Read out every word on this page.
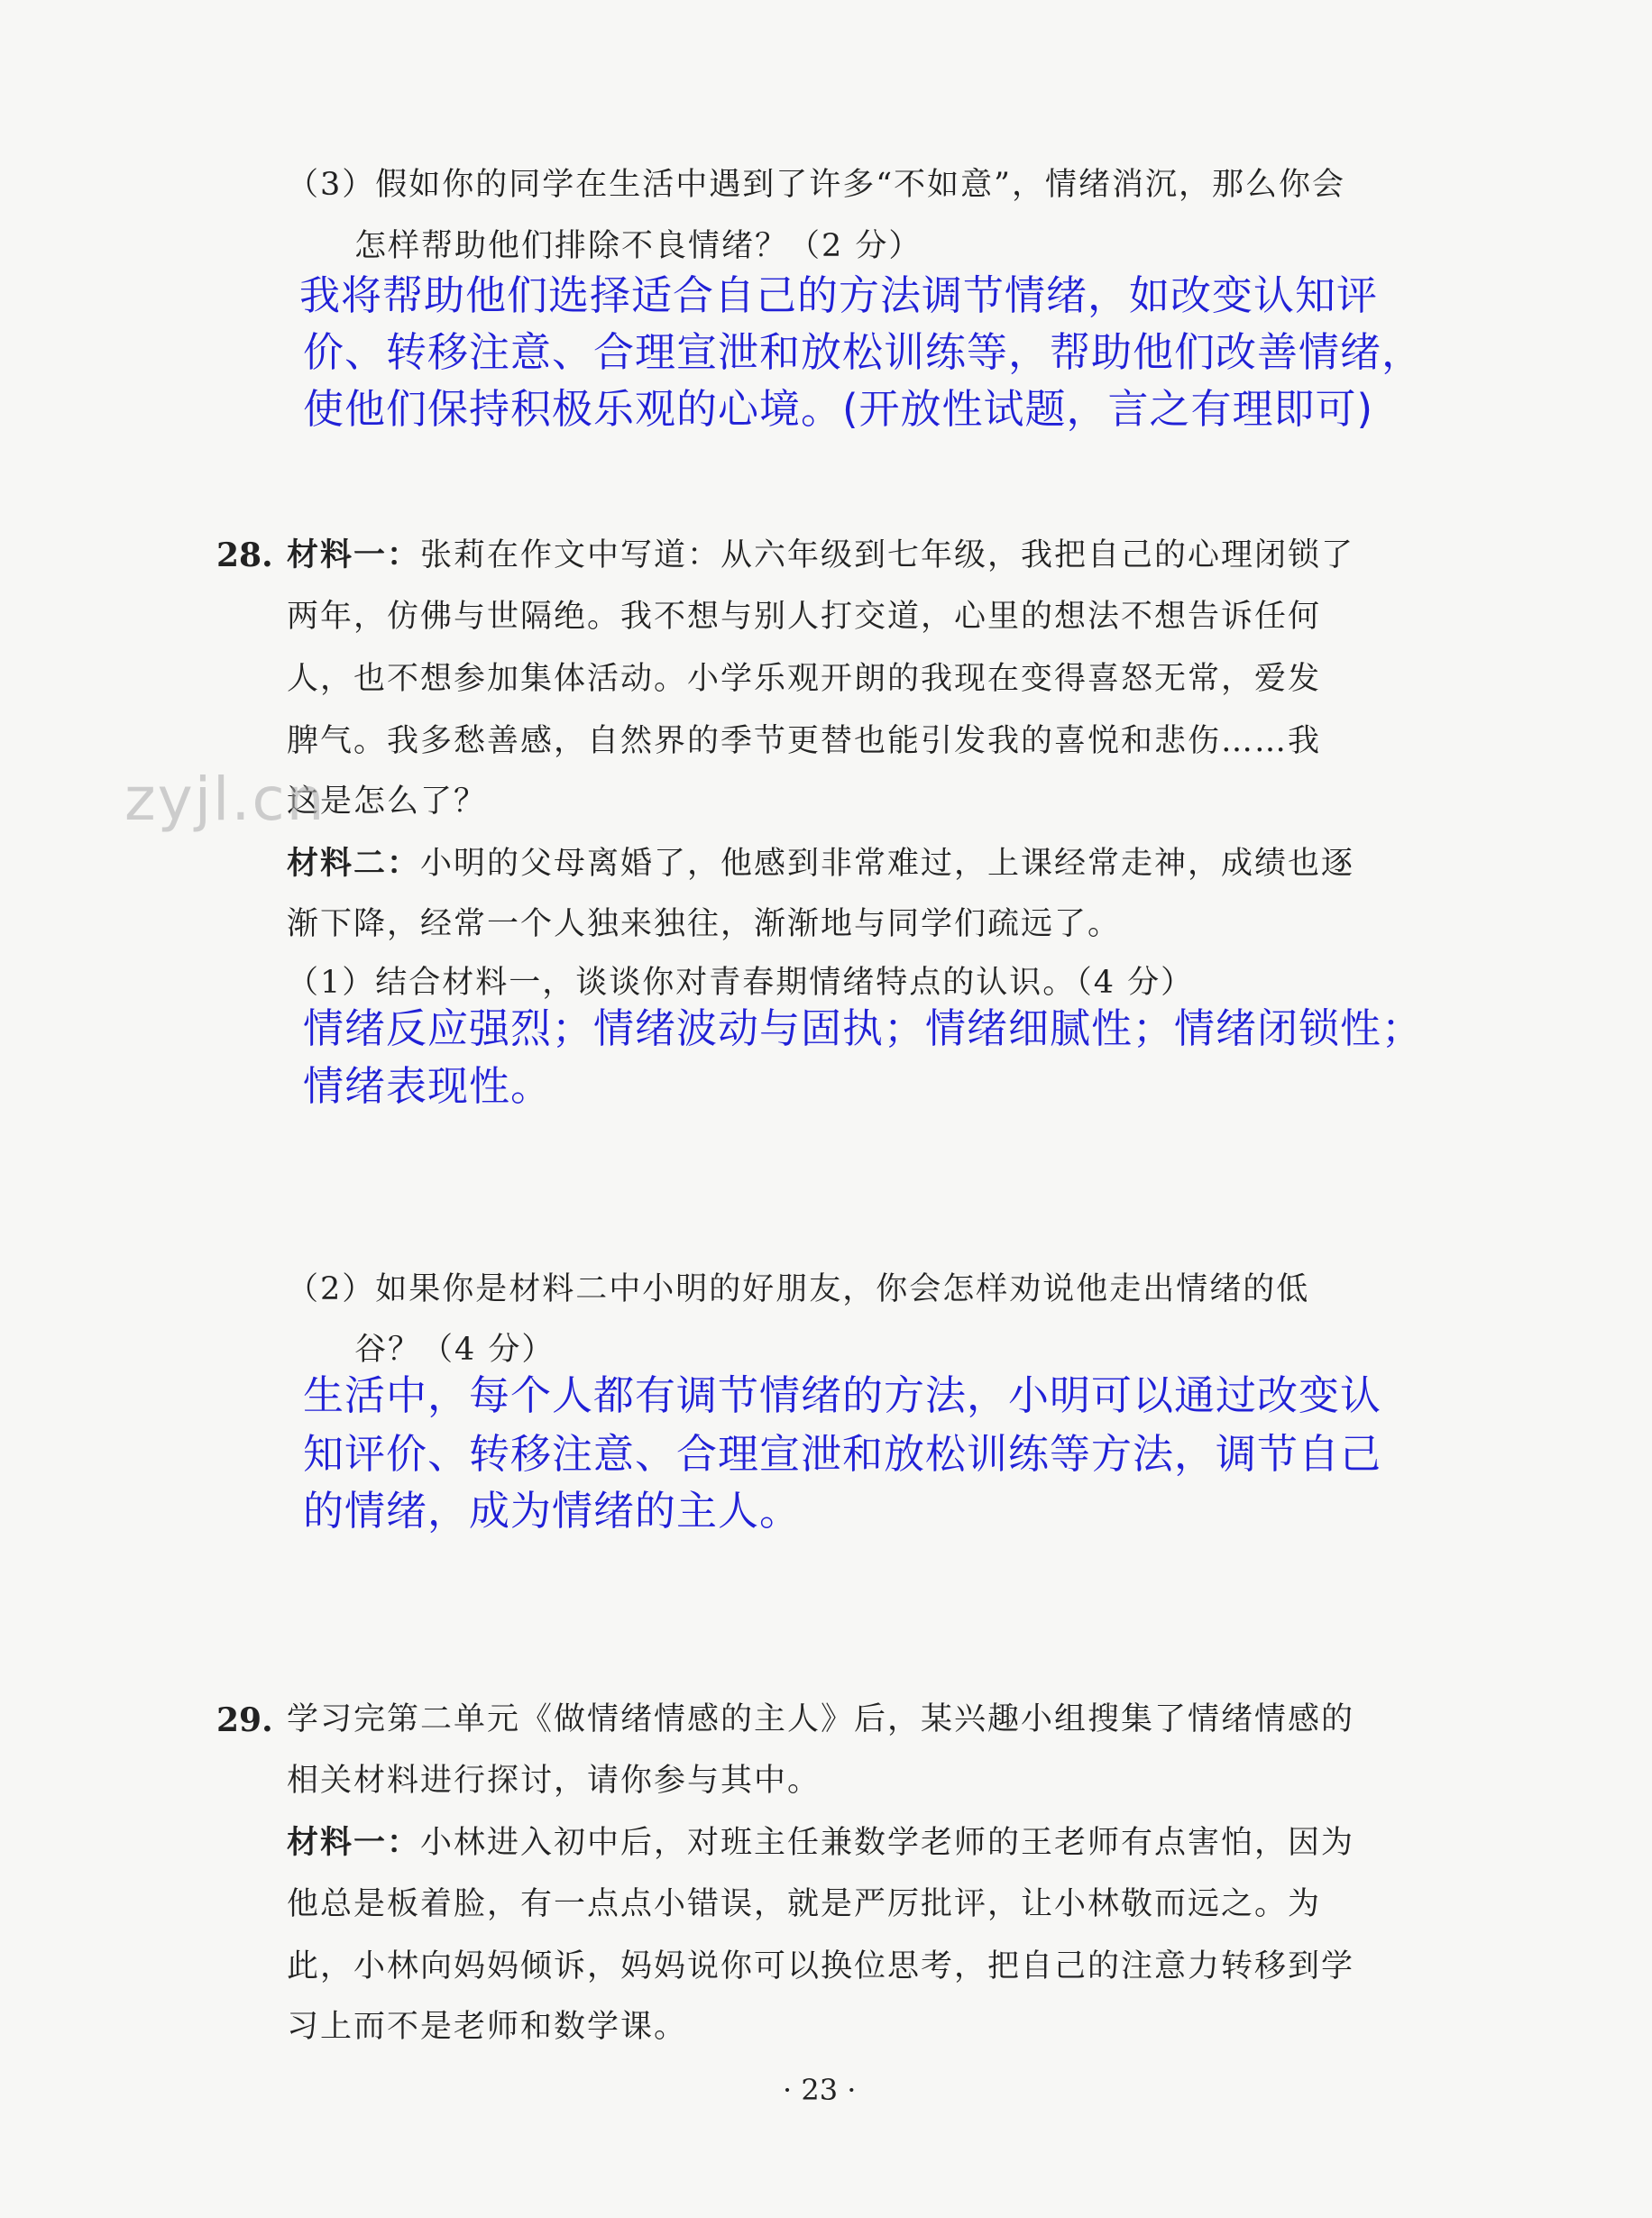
（3）假如你的同学在生活中遇到了许多“不如意”，情绪消沉，那么你会
怎样帮助他们排除不良情绪？（2 分）
我将帮助他们选择适合自己的方法调节情绪，如改变认知评
价、转移注意、合理宣泄和放松训练等，帮助他们改善情绪，
使他们保持积极乐观的心境。(开放性试题，言之有理即可)
28. 材料一：张莉在作文中写道：从六年级到七年级，我把自己的心理闭锁了
两年，仿佛与世隔绝。我不想与别人打交道，心里的想法不想告诉任何
人，也不想参加集体活动。小学乐观开朗的我现在变得喜怒无常，爱发
脾气。我多愁善感，自然界的季节更替也能引发我的喜悦和悲伤……我
这是怎么了？
zyjl.cn
材料二：小明的父母离婚了，他感到非常难过，上课经常走神，成绩也逐
渐下降，经常一个人独来独往，渐渐地与同学们疏远了。
（1）结合材料一，谈谈你对青春期情绪特点的认识。（4 分）
情绪反应强烈；情绪波动与固执；情绪细腻性；情绪闭锁性；
情绪表现性。
（2）如果你是材料二中小明的好朋友，你会怎样劝说他走出情绪的低
谷？（4 分）
生活中，每个人都有调节情绪的方法，小明可以通过改变认
知评价、转移注意、合理宣泄和放松训练等方法，调节自己
的情绪，成为情绪的主人。
29. 学习完第二单元《做情绪情感的主人》后，某兴趣小组搜集了情绪情感的
相关材料进行探讨，请你参与其中。
材料一：小林进入初中后，对班主任兼数学老师的王老师有点害怕，因为
他总是板着脸，有一点点小错误，就是严厉批评，让小林敬而远之。为
此，小林向妈妈倾诉，妈妈说你可以换位思考，把自己的注意力转移到学
习上而不是老师和数学课。
· 23 ·
